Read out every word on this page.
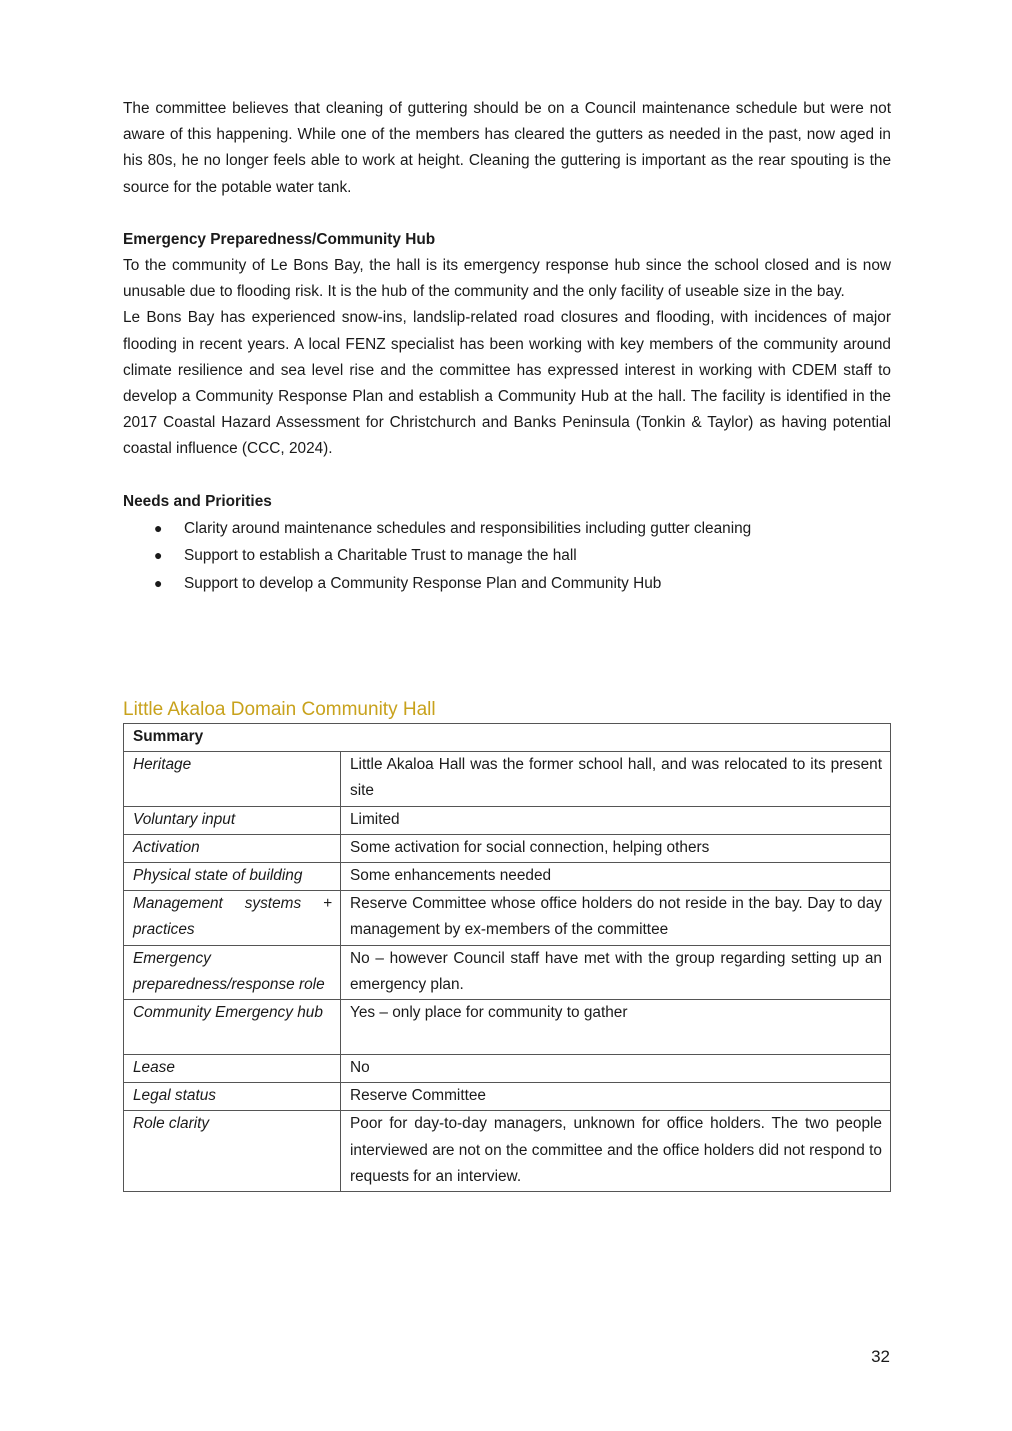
The committee believes that cleaning of guttering should be on a Council maintenance schedule but were not aware of this happening. While one of the members has cleared the gutters as needed in the past, now aged in his 80s, he no longer feels able to work at height. Cleaning the guttering is important as the rear spouting is the source for the potable water tank.

Emergency Preparedness/Community Hub

To the community of Le Bons Bay, the hall is its emergency response hub since the school closed and is now unusable due to flooding risk. It is the hub of the community and the only facility of useable size in the bay.

Le Bons Bay has experienced snow-ins, landslip-related road closures and flooding, with incidences of major flooding in recent years. A local FENZ specialist has been working with key members of the community around climate resilience and sea level rise and the committee has expressed interest in working with CDEM staff to develop a Community Response Plan and establish a Community Hub at the hall. The facility is identified in the 2017 Coastal Hazard Assessment for Christchurch and Banks Peninsula (Tonkin & Taylor) as having potential coastal influence (CCC, 2024).

Needs and Priorities
● Clarity around maintenance schedules and responsibilities including gutter cleaning
● Support to establish a Charitable Trust to manage the hall
● Support to develop a Community Response Plan and Community Hub
Little Akaloa Domain Community Hall
Summary	
Heritage	Little Akaloa Hall was the former school hall, and was relocated to its present site
Voluntary input	Limited
Activation	Some activation for social connection, helping others
Physical state of building	Some enhancements needed
Management systems + practices	Reserve Committee whose office holders do not reside in the bay. Day to day management by ex-members of the committee
Emergency preparedness/response role	No – however Council staff have met with the group regarding setting up an emergency plan.
Community Emergency hub	Yes – only place for community to gather
Lease	No
Legal status	Reserve Committee
Role clarity	Poor for day-to-day managers, unknown for office holders. The two people interviewed are not on the committee and the office holders did not respond to requests for an interview.
32
